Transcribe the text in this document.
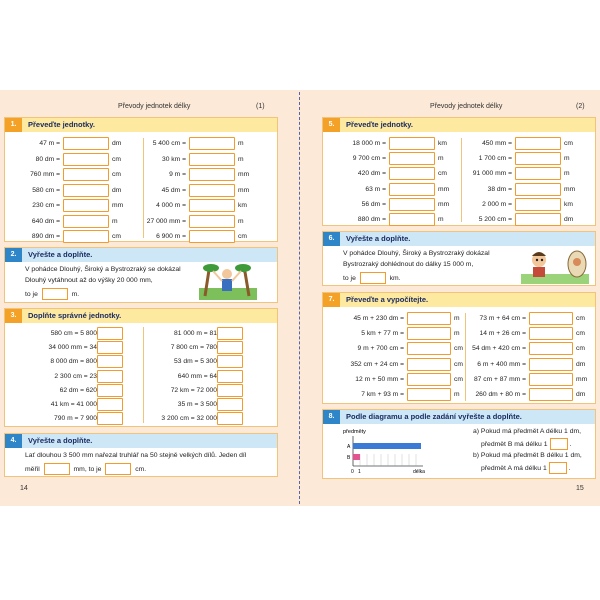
Převody jednotek délky	(1)
1.	Převeďte jednotky.
47 m =	dm
80 dm =	cm
760 mm =	cm
580 cm =	dm
230 cm =	mm
640 dm =	m
890 dm =	cm
5 400 cm =	m
30 km =	m
9 m =	mm
45 dm =	mm
4 000 m =	km
27 000 mm =	m
6 900 m =	cm
2.	Vyřešte a doplňte.
V pohádce Dlouhý, Široký a Bystrozraký se dokázal
Dlouhý vytáhnout až do výšky 20 000 mm,
to je	m.
3.	Doplňte správné jednotky.
580 cm = 5 800
34 000 mm = 34
8 000 dm = 800
2 300 cm = 23
62 dm = 620
41 km = 41 000
790 m = 7 900
81 000 m = 81
7 800 cm = 780
53 dm = 5 300
640 mm = 64
72 km = 72 000
35 m = 3 500
3 200 cm = 32 000
4.	Vyřešte a doplňte.
Lať dlouhou 3 500 mm nařezal truhlář na 50 stejně velkých dílů. Jeden díl
měřil	mm, to je	cm.
14
Převody jednotek délky	(2)
5.	Převeďte jednotky.
18 000 m =	km
9 700 cm =	m
420 dm =	cm
63 m =	mm
56 dm =	mm
880 dm =	m
450 mm =	cm
1 700 cm =	m
91 000 mm =	m
38 dm =	mm
2 000 m =	km
5 200 cm =	dm
6.	Vyřešte a doplňte.
V pohádce Dlouhý, Široký a Bystrozraký dokázal
Bystrozraký dohlédnout do dálky 15 000 m,
to je	km.
7.	Převeďte a vypočítejte.
45 m + 230 dm =	m
5 km + 77 m =	m
9 m + 700 cm =	cm
352 cm + 24 cm =	cm
12 m + 50 mm =	cm
7 km + 93 m =	m
73 m + 64 cm =	cm
14 m + 26 cm =	cm
54 dm + 420 cm =	cm
6 m + 400 mm =	dm
87 cm + 87 mm =	mm
260 dm + 80 m =	dm
8.	Podle diagramu a podle zadání vyřešte a doplňte.
předměty
A
B
0 1	délka
a) Pokud má předmět A délku 1 dm,
předmět B má délku 1	.
b) Pokud má předmět B délku 1 dm,
předmět A má délku 1	.
15
